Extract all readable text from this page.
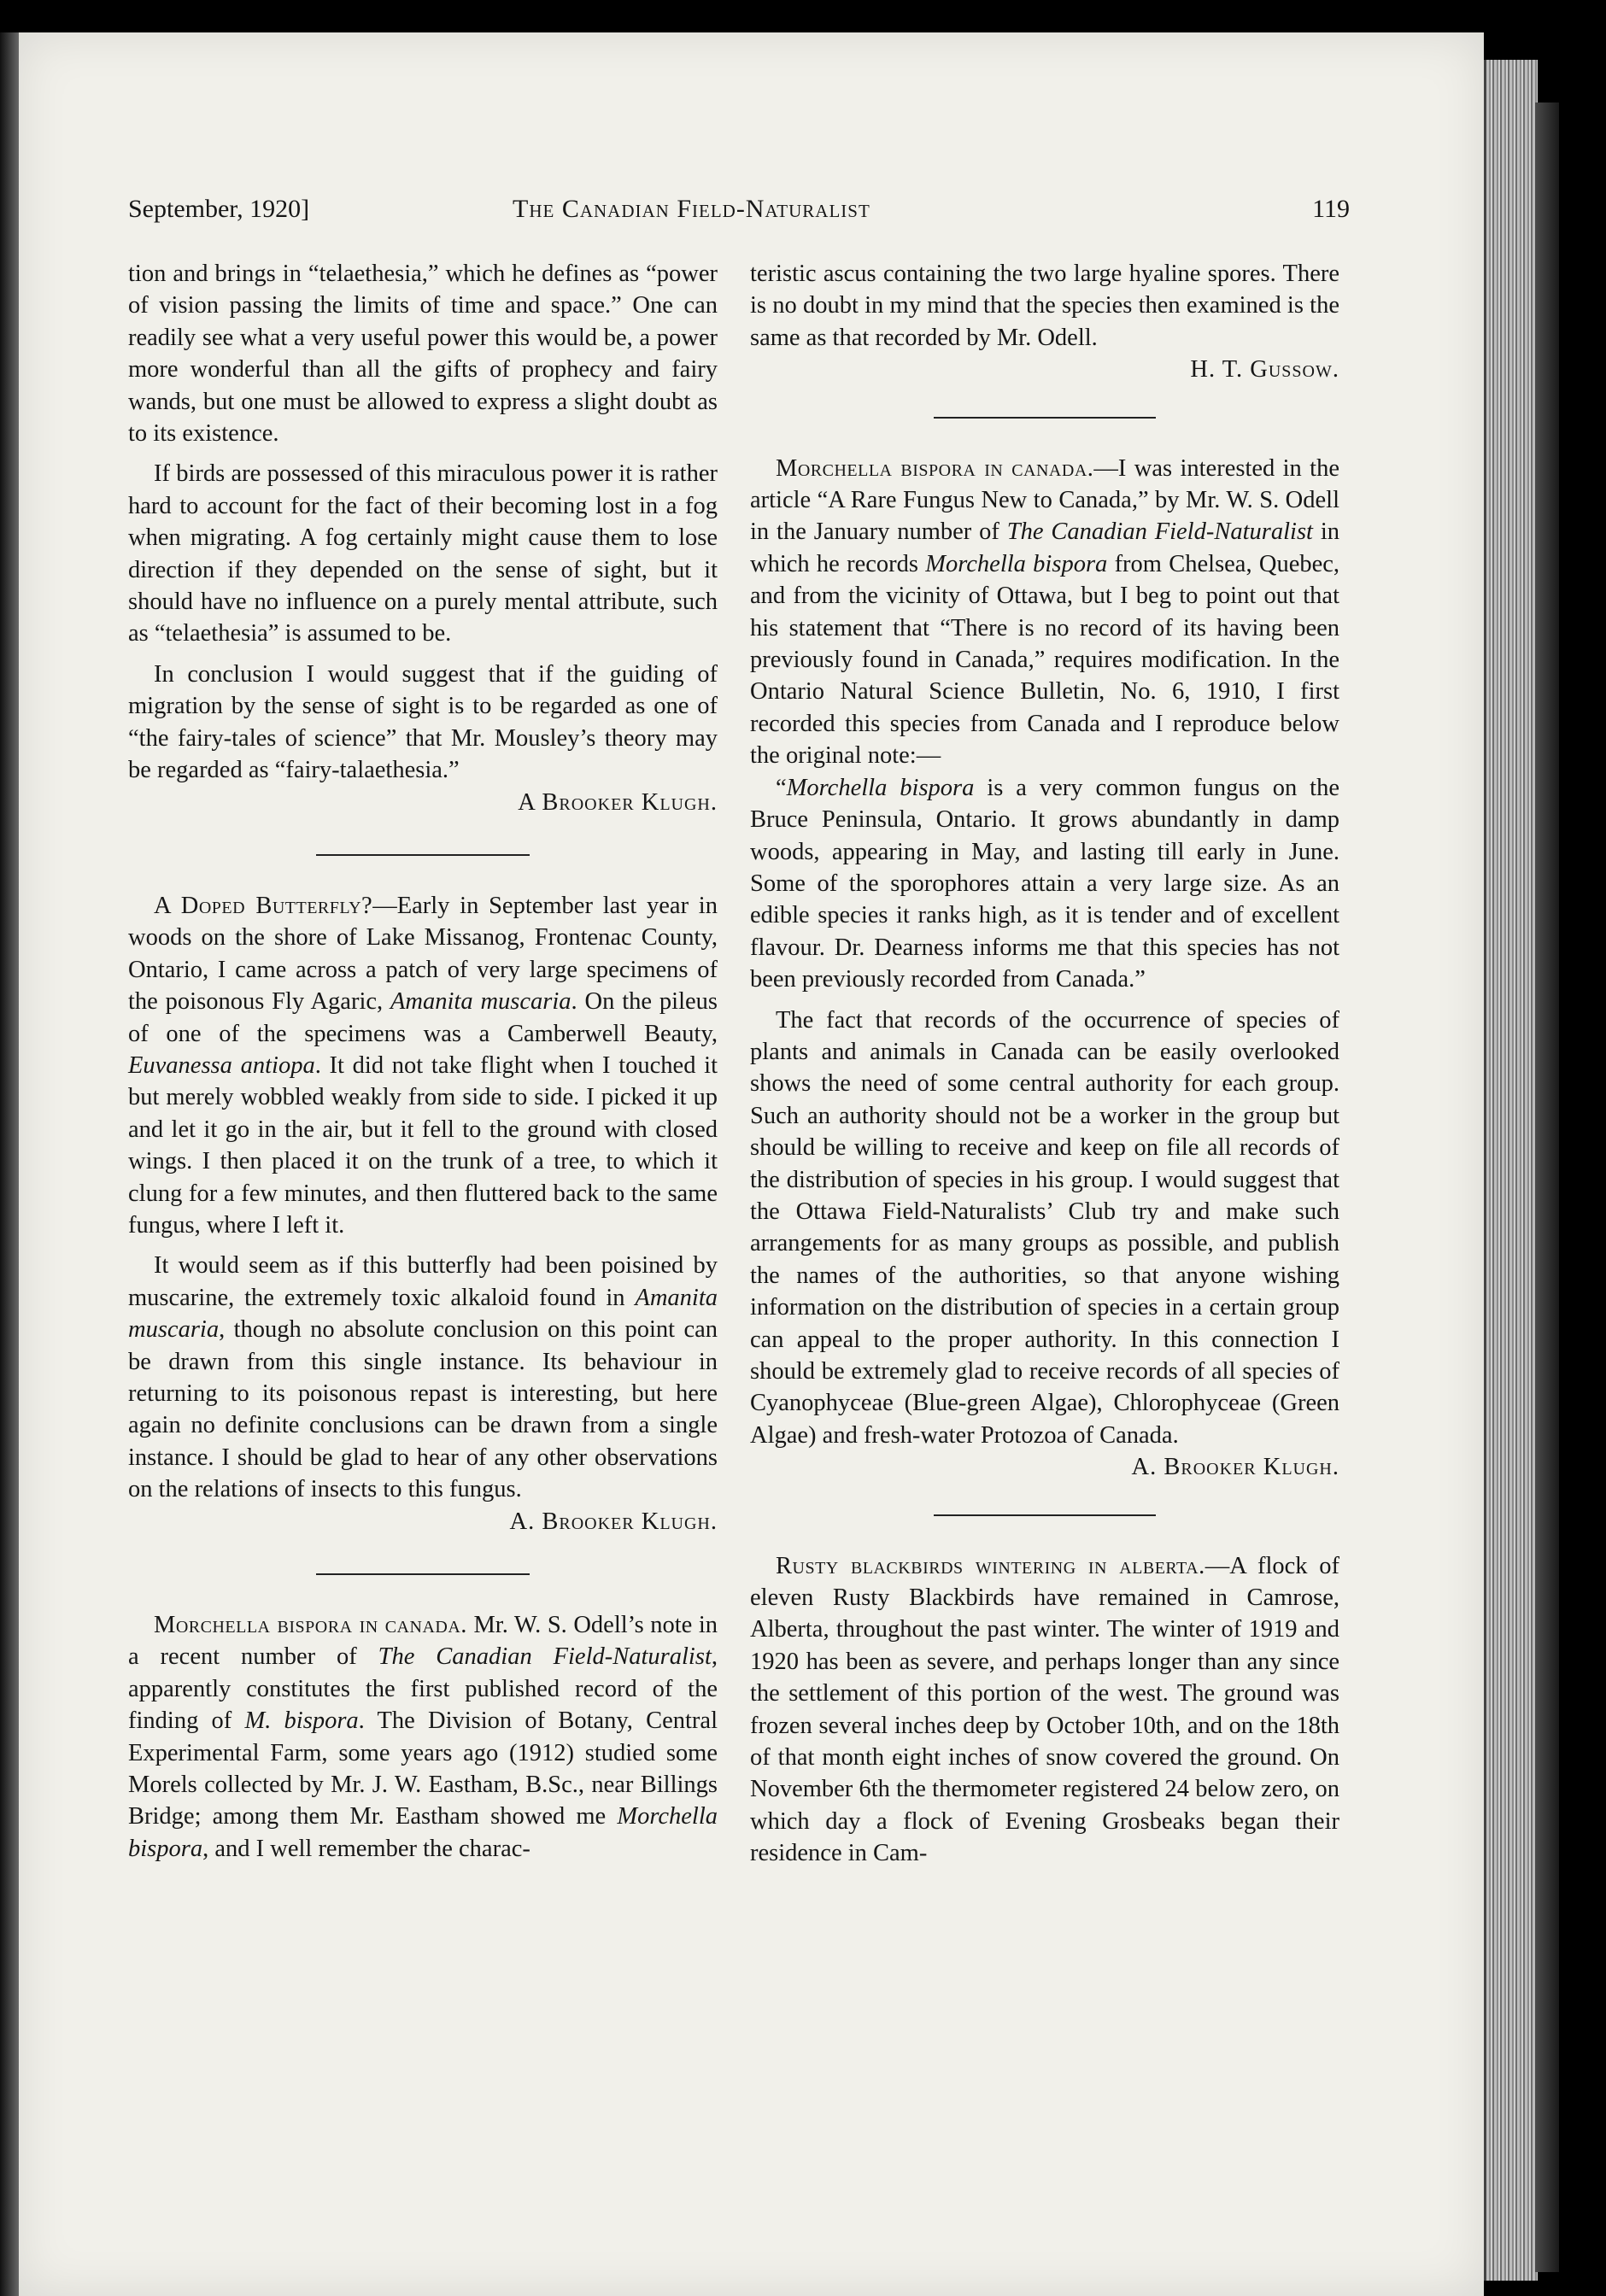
September, 1920]	The Canadian Field-Naturalist	119

tion and brings in “telaethesia,” which he defines as “power of vision passing the limits of time and space.” One can readily see what a very useful power this would be, a power more wonderful than all the gifts of prophecy and fairy wands, but one must be allowed to express a slight doubt as to its existence.

If birds are possessed of this miraculous power it is rather hard to account for the fact of their becoming lost in a fog when migrating. A fog certainly might cause them to lose direction if they depended on the sense of sight, but it should have no influence on a purely mental attribute, such as “telaethesia” is assumed to be.

In conclusion I would suggest that if the guiding of migration by the sense of sight is to be regarded as one of “the fairy-tales of science” that Mr. Mousley’s theory may be regarded as “fairy-talaethesia.”

A Brooker Klugh.

A Doped Butterfly?—Early in September last year in woods on the shore of Lake Missanog, Frontenac County, Ontario, I came across a patch of very large specimens of the poisonous Fly Agaric, Amanita muscaria. On the pileus of one of the specimens was a Camberwell Beauty, Euvanessa antiopa. It did not take flight when I touched it but merely wobbled weakly from side to side. I picked it up and let it go in the air, but it fell to the ground with closed wings. I then placed it on the trunk of a tree, to which it clung for a few minutes, and then fluttered back to the same fungus, where I left it.

It would seem as if this butterfly had been poisined by muscarine, the extremely toxic alkaloid found in Amanita muscaria, though no absolute conclusion on this point can be drawn from this single instance. Its behaviour in returning to its poisonous repast is interesting, but here again no definite conclusions can be drawn from a single instance. I should be glad to hear of any other observations on the relations of insects to this fungus.

A. Brooker Klugh.

Morchella bispora in canada. Mr. W. S. Odell’s note in a recent number of The Canadian Field-Naturalist, apparently constitutes the first published record of the finding of M. bispora. The Division of Botany, Central Experimental Farm, some years ago (1912) studied some Morels collected by Mr. J. W. Eastham, B.Sc., near Billings Bridge; among them Mr. Eastham showed me Morchella bispora, and I well remember the charac-

teristic ascus containing the two large hyaline spores. There is no doubt in my mind that the species then examined is the same as that recorded by Mr. Odell.

H. T. Gussow.

Morchella bispora in canada.—I was interested in the article “A Rare Fungus New to Canada,” by Mr. W. S. Odell in the January number of The Canadian Field-Naturalist in which he records Morchella bispora from Chelsea, Quebec, and from the vicinity of Ottawa, but I beg to point out that his statement that “There is no record of its having been previously found in Canada,” requires modification. In the Ontario Natural Science Bulletin, No. 6, 1910, I first recorded this species from Canada and I reproduce below the original note:—

“Morchella bispora is a very common fungus on the Bruce Peninsula, Ontario. It grows abundantly in damp woods, appearing in May, and lasting till early in June. Some of the sporophores attain a very large size. As an edible species it ranks high, as it is tender and of excellent flavour. Dr. Dearness informs me that this species has not been previously recorded from Canada.”

The fact that records of the occurrence of species of plants and animals in Canada can be easily overlooked shows the need of some central authority for each group. Such an authority should not be a worker in the group but should be willing to receive and keep on file all records of the distribution of species in his group. I would suggest that the Ottawa Field-Naturalists’ Club try and make such arrangements for as many groups as possible, and publish the names of the authorities, so that anyone wishing information on the distribution of species in a certain group can appeal to the proper authority. In this connection I should be extremely glad to receive records of all species of Cyanophyceae (Blue-green Algae), Chlorophyceae (Green Algae) and fresh-water Protozoa of Canada.

A. Brooker Klugh.

Rusty blackbirds wintering in alberta.—A flock of eleven Rusty Blackbirds have remained in Camrose, Alberta, throughout the past winter. The winter of 1919 and 1920 has been as severe, and perhaps longer than any since the settlement of this portion of the west. The ground was frozen several inches deep by October 10th, and on the 18th of that month eight inches of snow covered the ground. On November 6th the thermometer registered 24 below zero, on which day a flock of Evening Grosbeaks began their residence in Cam-
